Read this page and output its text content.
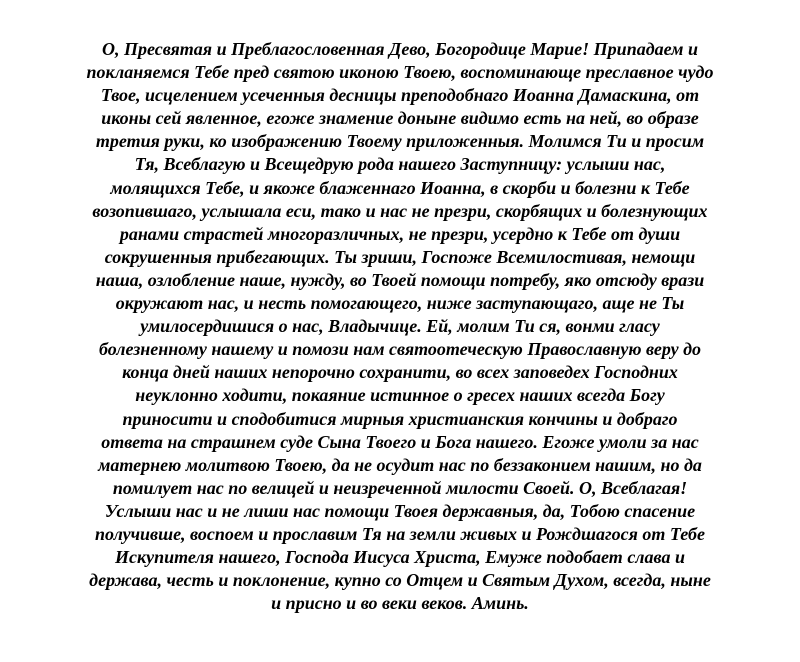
О, Пресвятая и Преблагословенная Дево, Богородице Марие! Припадаем и
покланяемся Тебе пред святою иконою Твоею, воспоминающе преславное чудо
Твое, исцелением усеченныя десницы преподобнаго Иоанна Дамаскина, от
иконы сей явленное, егоже знамение доныне видимо есть на ней, во образе
третия руки, ко изображению Твоему приложенныя. Молимся Ти и просим
Тя, Всеблагую и Всещедрую рода нашего Заступницу: услыши нас,
молящихся Тебе, и якоже блаженнаго Иоанна, в скорби и болезни к Тебе
возопившаго, услышала еси, тако и нас не презри, скорбящих и болезнующих
ранами страстей многоразличных, не презри, усердно к Тебе от души
сокрушенныя прибегающих. Ты зриши, Госпоже Всемилостивая, немощи
наша, озлобление наше, нужду, во Твоей помощи потребу, яко отсюду врази
окружают нас, и несть помогающего, ниже заступающаго, аще не Ты
умилосердишися о нас, Владычице. Ей, молим Ти ся, вонми гласу
болезненному нашему и помози нам святоотеческую Православную веру до
конца дней наших непорочно сохранити, во всех заповедех Господних
неуклонно ходити, покаяние истинное о гресех наших всегда Богу
приносити и сподобитися мирныя христианския кончины и добраго
ответа на страшнем суде Сына Твоего и Бога нашего. Егоже умоли за нас
матернею молитвою Твоею, да не осудит нас по беззаконием нашим, но да
помилует нас по велицей и неизреченной милости Своей. О, Всеблагая!
Услыши нас и не лиши нас помощи Твоея державныя, да, Тобою спасение
получивше, воспоем и прославим Тя на земли живых и Рождшагося от Тебе
Искупителя нашего, Господа Иисуса Христа, Емуже подобает слава и
держава, честь и поклонение, купно со Отцем и Святым Духом, всегда, ныне
и присно и во веки веков. Аминь.
